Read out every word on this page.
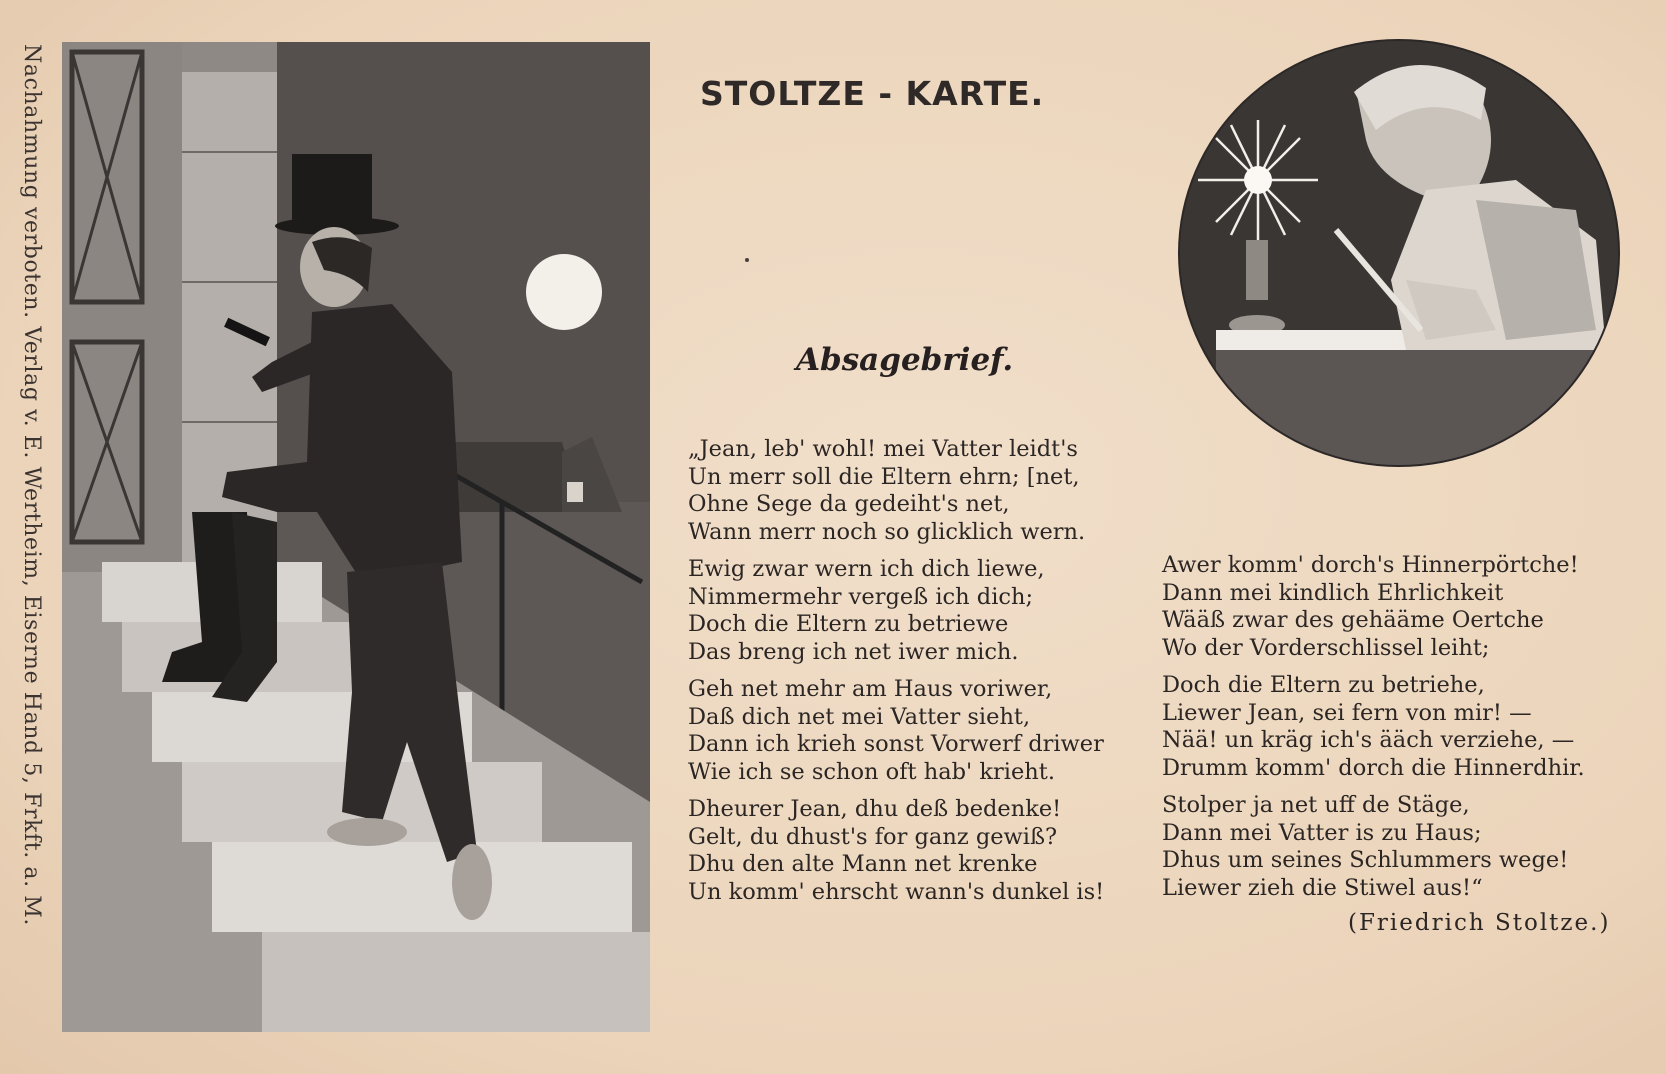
Nachahmung verboten. Verlag v. E. Wertheim, Eiserne Hand 5, Frkft. a. M.	STOLTZE - KARTE.
Absagebrief.
„Jean, leb' wohl! mei Vatter leidt's
Un merr soll die Eltern ehrn; [net,
Ohne Sege da gedeiht's net,
Wann merr noch so glicklich wern.
Ewig zwar wern ich dich liewe,
Nimmermehr vergeß ich dich;
Doch die Eltern zu betriewe
Das breng ich net iwer mich.
Geh net mehr am Haus voriwer,
Daß dich net mei Vatter sieht,
Dann ich krieh sonst Vorwerf driwer
Wie ich se schon oft hab' krieht.
Dheurer Jean, dhu deß bedenke!
Gelt, du dhust's for ganz gewiß?
Dhu den alte Mann net krenke
Un komm' ehrscht wann's dunkel is!
Awer komm' dorch's Hinnerpörtche!
Dann mei kindlich Ehrlichkeit
Wääß zwar des gehääme Oertche
Wo der Vorderschlissel leiht;
Doch die Eltern zu betriehe,
Liewer Jean, sei fern von mir! —
Nää! un kräg ich's ääch verziehe, —
Drumm komm' dorch die Hinnerdhir.
Stolper ja net uff de Stäge,
Dann mei Vatter is zu Haus;
Dhus um seines Schlummers wege!
Liewer zieh die Stiwel aus!“
(Friedrich Stoltze.)
